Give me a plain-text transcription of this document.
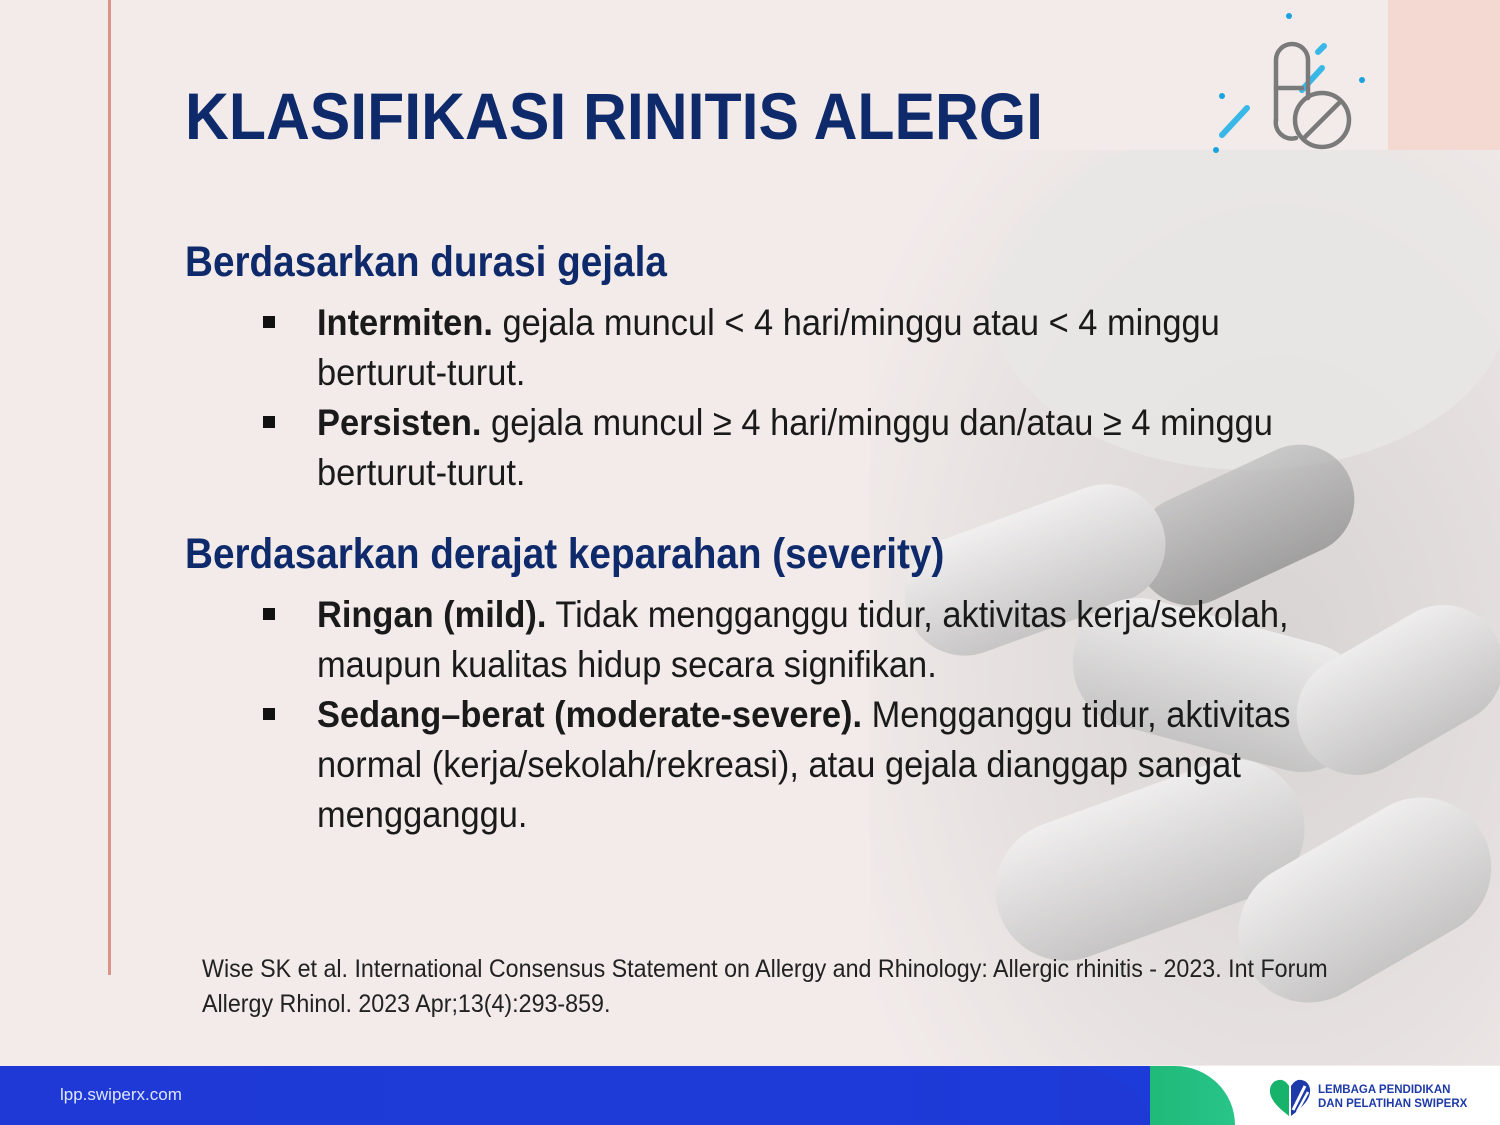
KLASIFIKASI RINITIS ALERGI
Berdasarkan durasi gejala
Intermiten. gejala muncul < 4 hari/minggu atau < 4 minggu berturut-turut.
Persisten. gejala muncul ≥ 4 hari/minggu dan/atau ≥ 4 minggu berturut-turut.
Berdasarkan derajat keparahan (severity)
Ringan (mild). Tidak mengganggu tidur, aktivitas kerja/sekolah, maupun kualitas hidup secara signifikan.
Sedang–berat (moderate-severe). Mengganggu tidur, aktivitas normal (kerja/sekolah/rekreasi), atau gejala dianggap sangat mengganggu.
Wise SK et al. International Consensus Statement on Allergy and Rhinology: Allergic rhinitis - 2023. Int Forum Allergy Rhinol. 2023 Apr;13(4):293-859.
lpp.swiperx.com	LEMBAGA PENDIDIKAN
DAN PELATIHAN SWIPERX
